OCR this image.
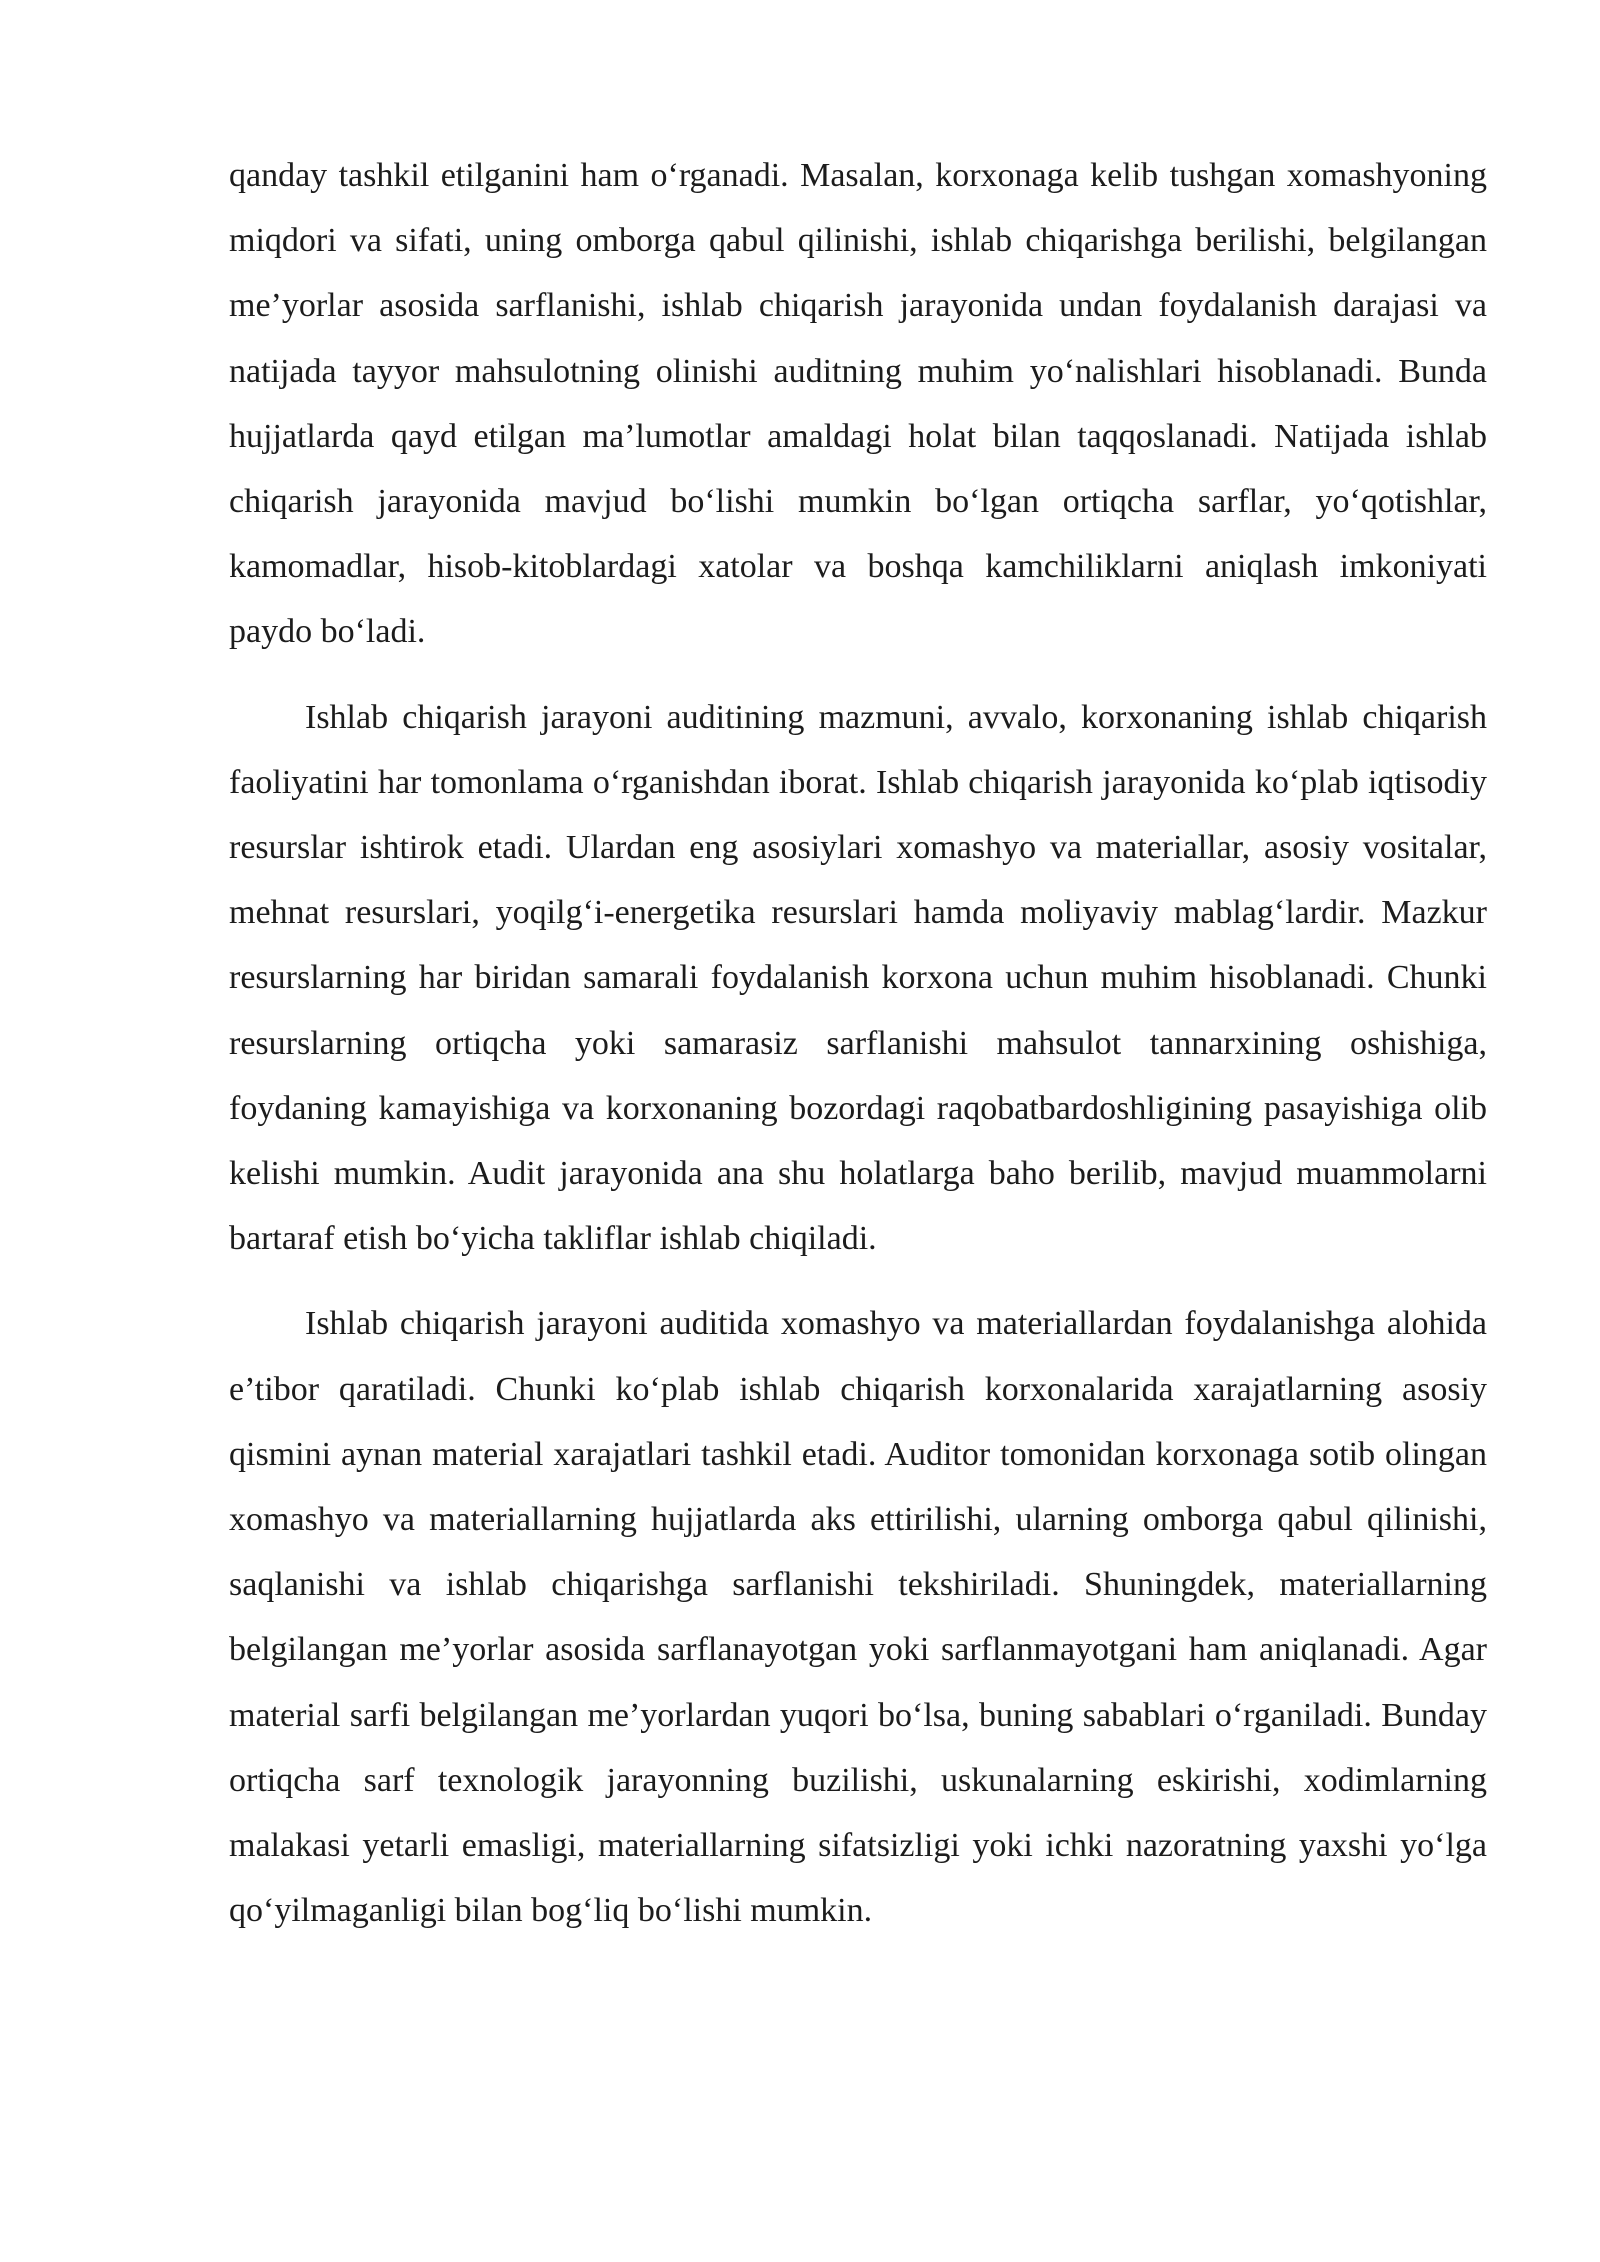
qanday tashkil etilganini ham o‘rganadi. Masalan, korxonaga kelib tushgan xomashyoning miqdori va sifati, uning omborga qabul qilinishi, ishlab chiqarishga berilishi, belgilangan me’yorlar asosida sarflanishi, ishlab chiqarish jarayonida undan foydalanish darajasi va natijada tayyor mahsulotning olinishi auditning muhim yo‘nalishlari hisoblanadi. Bunda hujjatlarda qayd etilgan ma’lumotlar amaldagi holat bilan taqqoslanadi. Natijada ishlab chiqarish jarayonida mavjud bo‘lishi mumkin bo‘lgan ortiqcha sarflar, yo‘qotishlar, kamomadlar, hisob-kitoblardagi xatolar va boshqa kamchiliklarni aniqlash imkoniyati paydo bo‘ladi.

Ishlab chiqarish jarayoni auditining mazmuni, avvalo, korxonaning ishlab chiqarish faoliyatini har tomonlama o‘rganishdan iborat. Ishlab chiqarish jarayonida ko‘plab iqtisodiy resurslar ishtirok etadi. Ulardan eng asosiylari xomashyo va materiallar, asosiy vositalar, mehnat resurslari, yoqilg‘i-energetika resurslari hamda moliyaviy mablag‘lardir. Mazkur resurslarning har biridan samarali foydalanish korxona uchun muhim hisoblanadi. Chunki resurslarning ortiqcha yoki samarasiz sarflanishi mahsulot tannarxining oshishiga, foydaning kamayishiga va korxonaning bozordagi raqobatbardoshligining pasayishiga olib kelishi mumkin. Audit jarayonida ana shu holatlarga baho berilib, mavjud muammolarni bartaraf etish bo‘yicha takliflar ishlab chiqiladi.

Ishlab chiqarish jarayoni auditida xomashyo va materiallardan foydalanishga alohida e’tibor qaratiladi. Chunki ko‘plab ishlab chiqarish korxonalarida xarajatlarning asosiy qismini aynan material xarajatlari tashkil etadi. Auditor tomonidan korxonaga sotib olingan xomashyo va materiallarning hujjatlarda aks ettirilishi, ularning omborga qabul qilinishi, saqlanishi va ishlab chiqarishga sarflanishi tekshiriladi. Shuningdek, materiallarning belgilangan me’yorlar asosida sarflanayotgan yoki sarflanmayotgani ham aniqlanadi. Agar material sarfi belgilangan me’yorlardan yuqori bo‘lsa, buning sabablari o‘rganiladi. Bunday ortiqcha sarf texnologik jarayonning buzilishi, uskunalarning eskirishi, xodimlarning malakasi yetarli emasligi, materiallarning sifatsizligi yoki ichki nazoratning yaxshi yo‘lga qo‘yilmaganligi bilan bog‘liq bo‘lishi mumkin.
